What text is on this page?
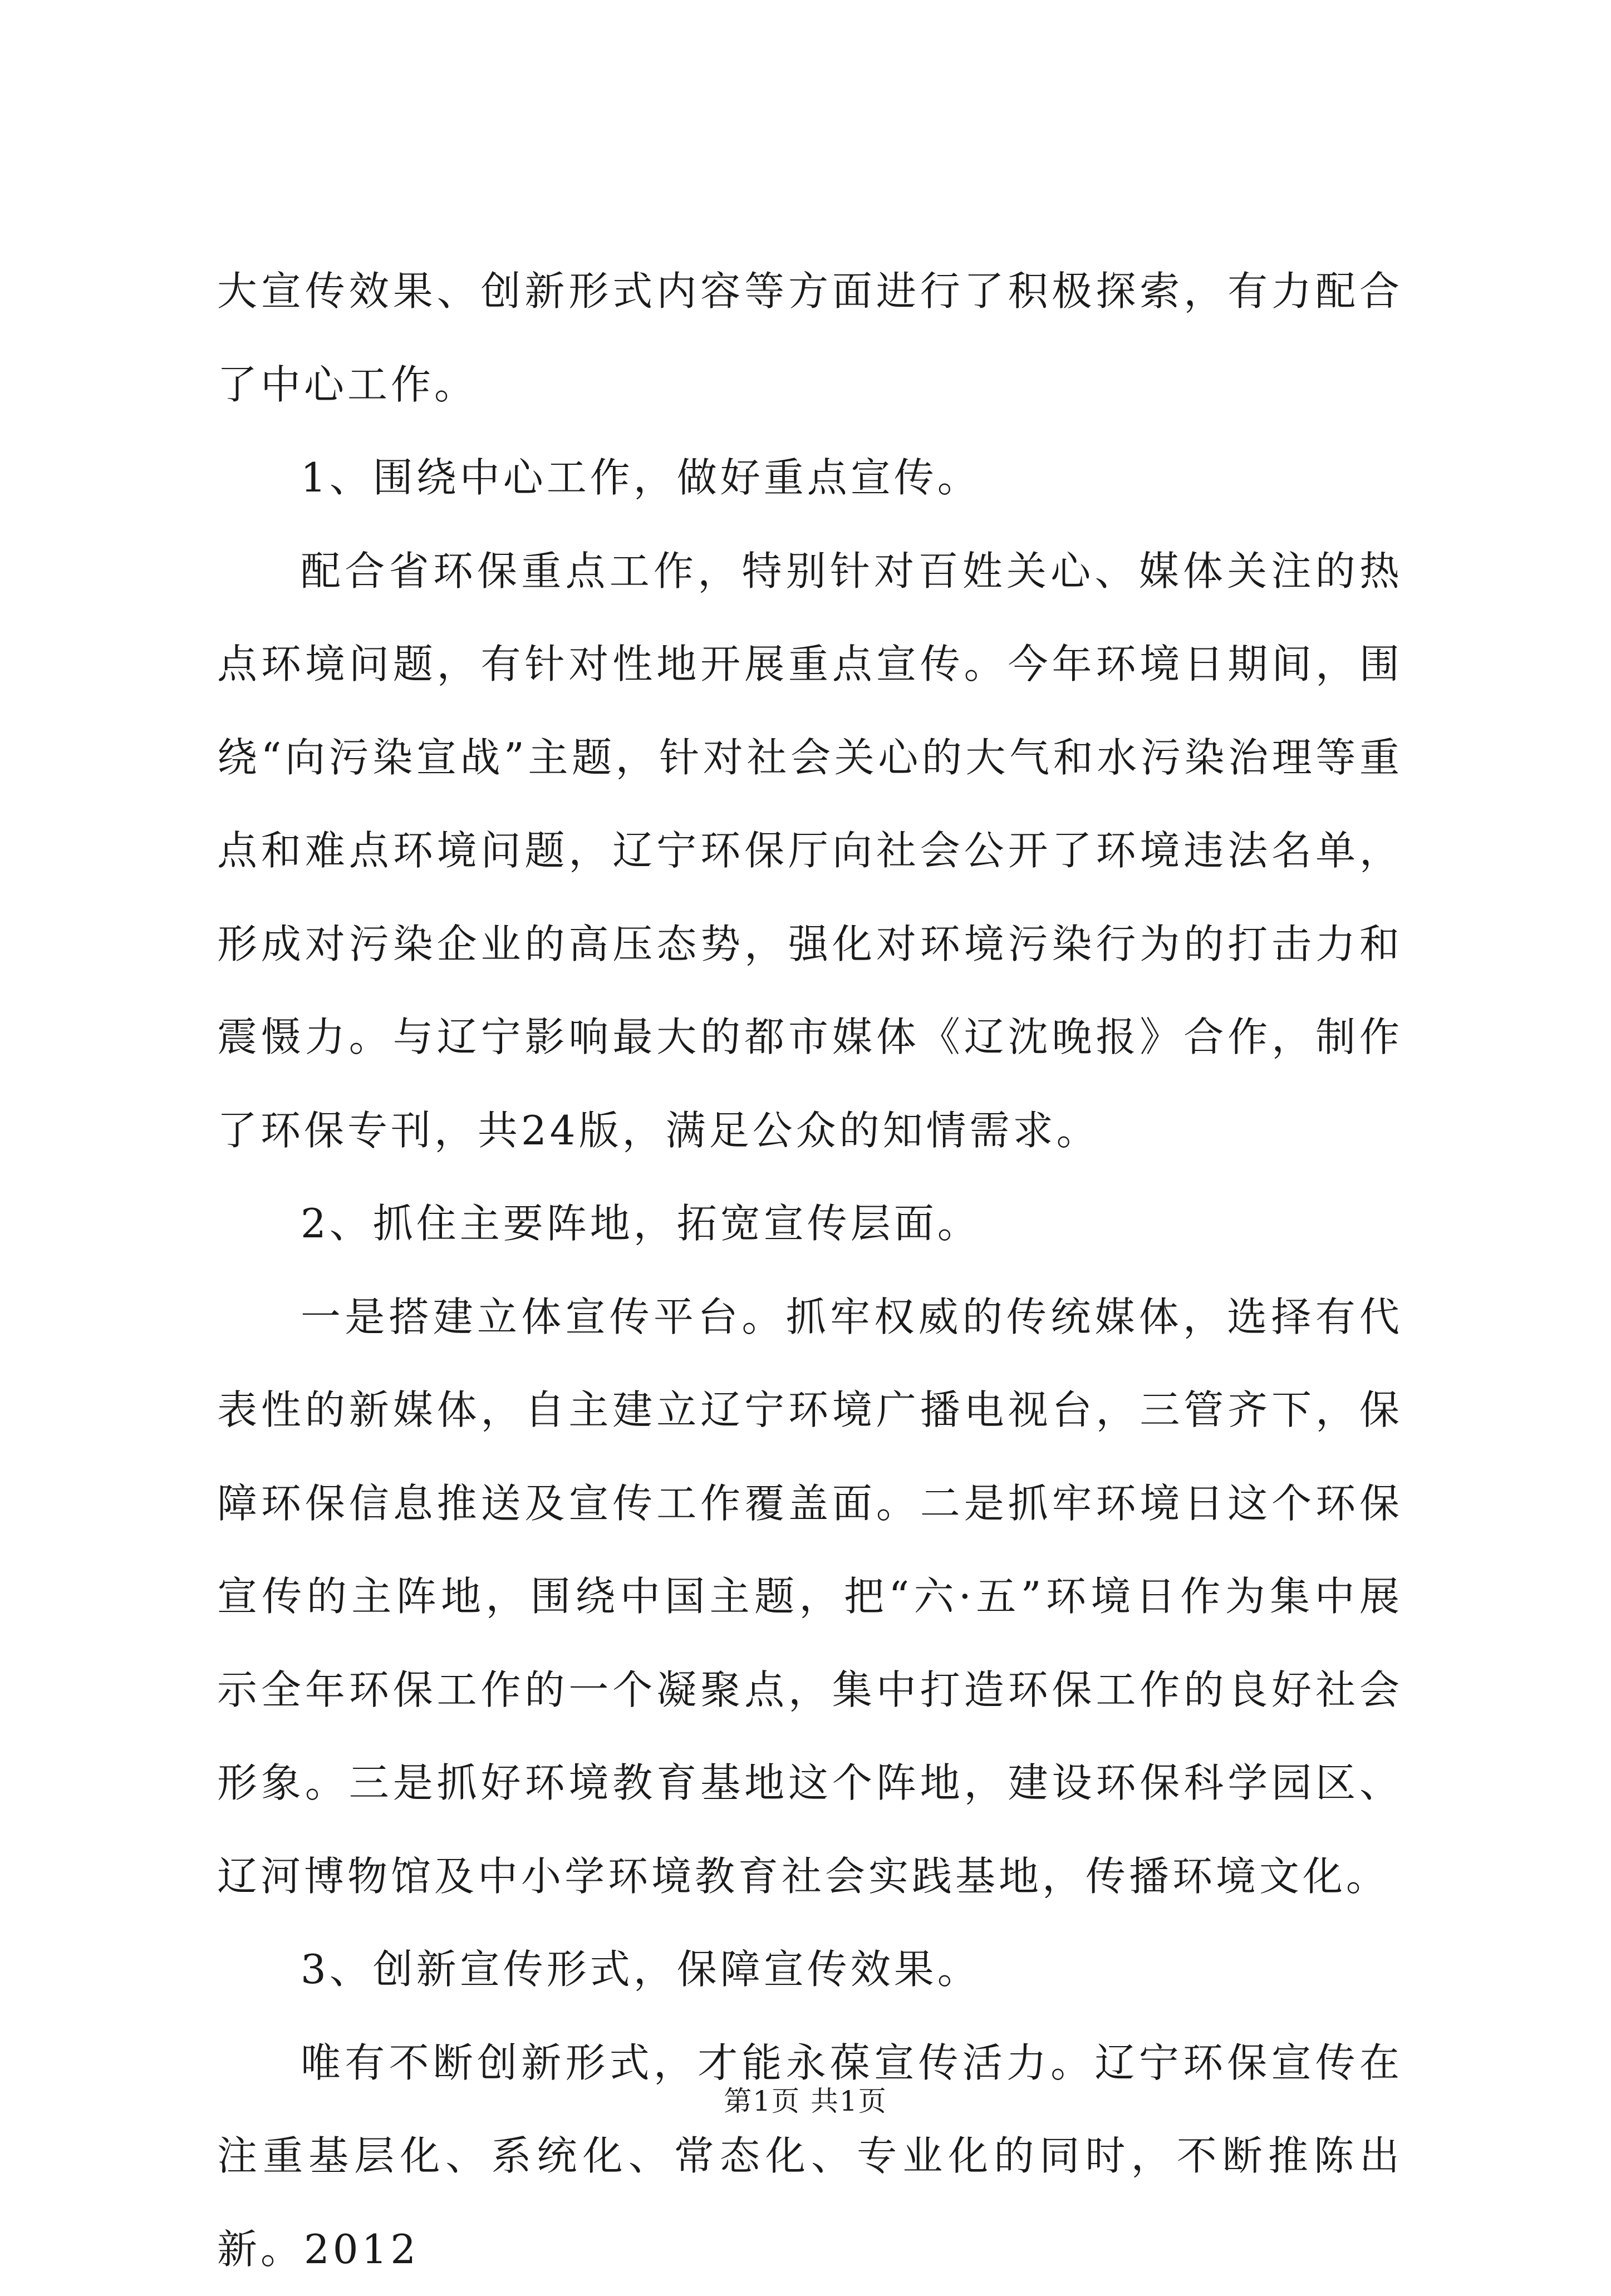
大宣传效果、创新形式内容等方面进行了积极探索，有力配合了中心工作。

1、围绕中心工作，做好重点宣传。

配合省环保重点工作，特别针对百姓关心、媒体关注的热点环境问题，有针对性地开展重点宣传。今年环境日期间，围绕“向污染宣战”主题，针对社会关心的大气和水污染治理等重点和难点环境问题，辽宁环保厅向社会公开了环境违法名单，形成对污染企业的高压态势，强化对环境污染行为的打击力和震慑力。与辽宁影响最大的都市媒体《辽沈晚报》合作，制作了环保专刊，共24版，满足公众的知情需求。

2、抓住主要阵地，拓宽宣传层面。

一是搭建立体宣传平台。抓牢权威的传统媒体，选择有代表性的新媒体，自主建立辽宁环境广播电视台，三管齐下，保障环保信息推送及宣传工作覆盖面。二是抓牢环境日这个环保宣传的主阵地，围绕中国主题，把“六·五”环境日作为集中展示全年环保工作的一个凝聚点，集中打造环保工作的良好社会形象。三是抓好环境教育基地这个阵地，建设环保科学园区、辽河博物馆及中小学环境教育社会实践基地，传播环境文化。

3、创新宣传形式，保障宣传效果。

唯有不断创新形式，才能永葆宣传活力。辽宁环保宣传在注重基层化、系统化、常态化、专业化的同时，不断推陈出新。2012

第1页 共1页
